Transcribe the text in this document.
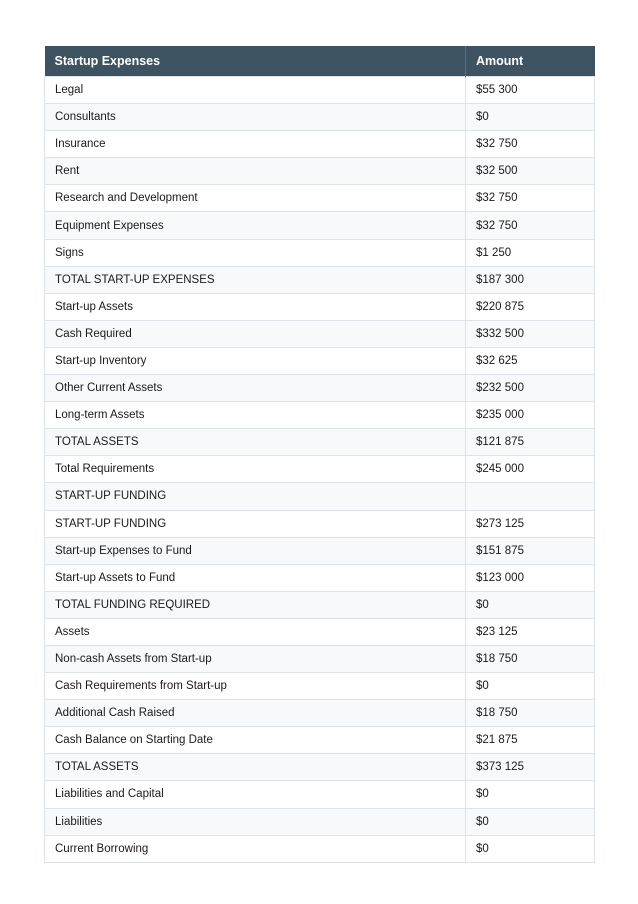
Startup Expenses	Amount
Legal	$55 300
Consultants	$0
Insurance	$32 750
Rent	$32 500
Research and Development	$32 750
Equipment Expenses	$32 750
Signs	$1 250
TOTAL START-UP EXPENSES	$187 300
Start-up Assets	$220 875
Cash Required	$332 500
Start-up Inventory	$32 625
Other Current Assets	$232 500
Long-term Assets	$235 000
TOTAL ASSETS	$121 875
Total Requirements	$245 000
START-UP FUNDING	
START-UP FUNDING	$273 125
Start-up Expenses to Fund	$151 875
Start-up Assets to Fund	$123 000
TOTAL FUNDING REQUIRED	$0
Assets	$23 125
Non-cash Assets from Start-up	$18 750
Cash Requirements from Start-up	$0
Additional Cash Raised	$18 750
Cash Balance on Starting Date	$21 875
TOTAL ASSETS	$373 125
Liabilities and Capital	$0
Liabilities	$0
Current Borrowing	$0
